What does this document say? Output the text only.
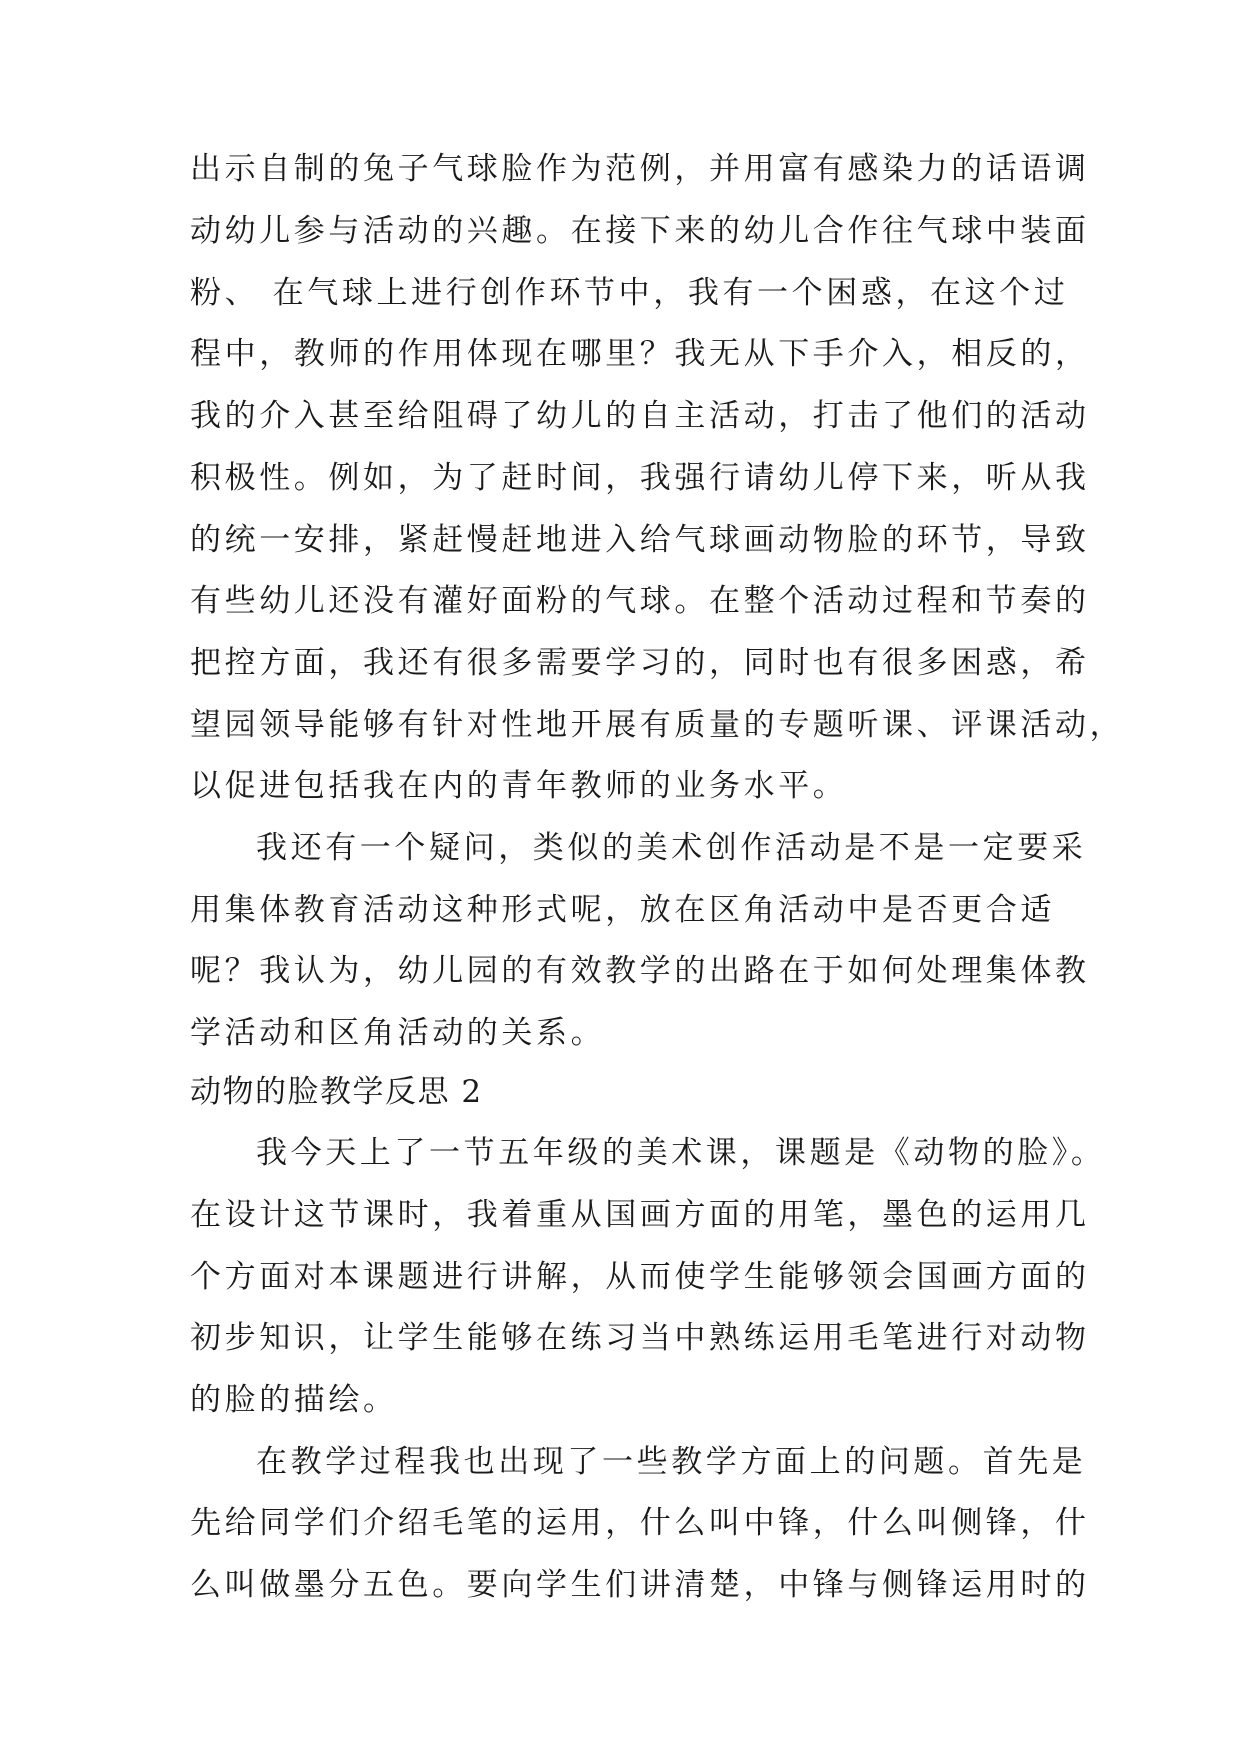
出示自制的兔子气球脸作为范例，并用富有感染力的话语调
动幼儿参与活动的兴趣。在接下来的幼儿合作往气球中装面
粉、 在气球上进行创作环节中，我有一个困惑，在这个过
程中，教师的作用体现在哪里？我无从下手介入，相反的，
我的介入甚至给阻碍了幼儿的自主活动，打击了他们的活动
积极性。例如，为了赶时间，我强行请幼儿停下来，听从我
的统一安排，紧赶慢赶地进入给气球画动物脸的环节，导致
有些幼儿还没有灌好面粉的气球。在整个活动过程和节奏的
把控方面，我还有很多需要学习的，同时也有很多困惑，希
望园领导能够有针对性地开展有质量的专题听课、评课活动，
以促进包括我在内的青年教师的业务水平。
我还有一个疑问，类似的美术创作活动是不是一定要采
用集体教育活动这种形式呢，放在区角活动中是否更合适
呢？我认为，幼儿园的有效教学的出路在于如何处理集体教
学活动和区角活动的关系。
动物的脸教学反思 2
我今天上了一节五年级的美术课，课题是《动物的脸》。
在设计这节课时，我着重从国画方面的用笔，墨色的运用几
个方面对本课题进行讲解，从而使学生能够领会国画方面的
初步知识，让学生能够在练习当中熟练运用毛笔进行对动物
的脸的描绘。
在教学过程我也出现了一些教学方面上的问题。首先是
先给同学们介绍毛笔的运用，什么叫中锋，什么叫侧锋，什
么叫做墨分五色。要向学生们讲清楚，中锋与侧锋运用时的
